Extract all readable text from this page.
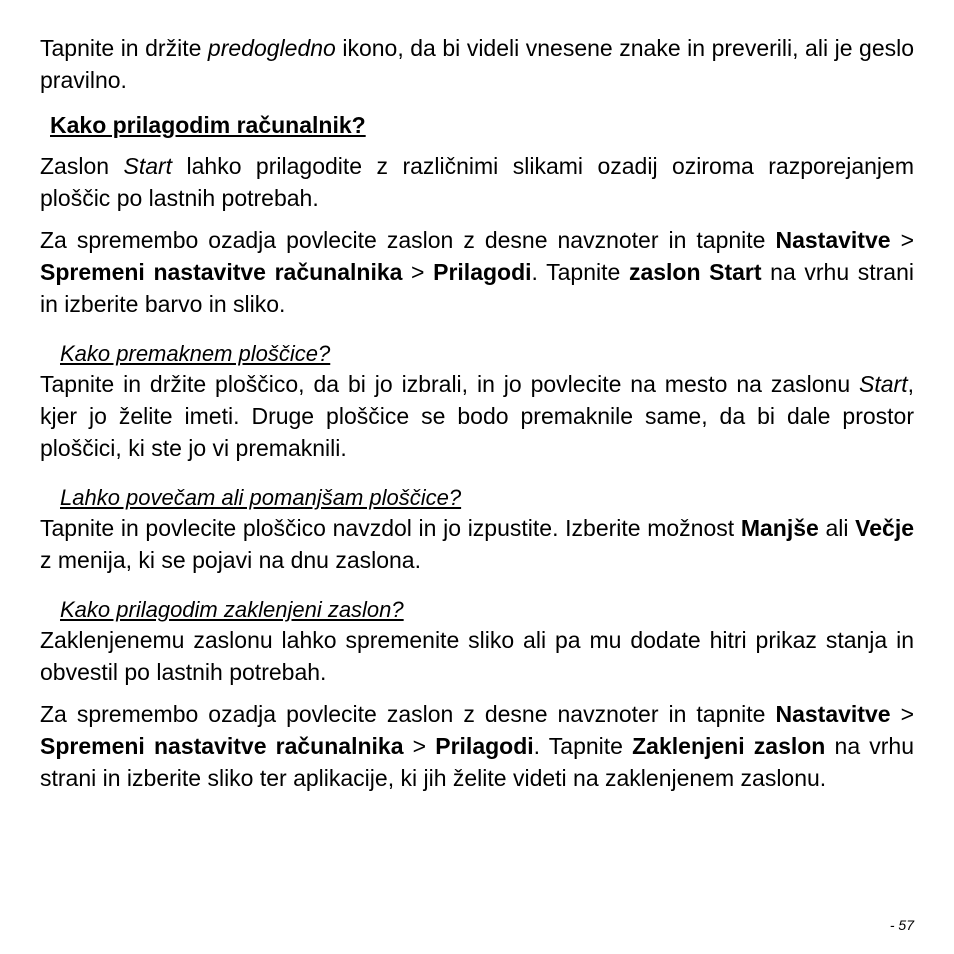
Tapnite in držite predogledno ikono, da bi videli vnesene znake in preverili, ali je geslo pravilno.

Kako prilagodim računalnik?

Zaslon Start lahko prilagodite z različnimi slikami ozadij oziroma razporejanjem ploščic po lastnih potrebah.

Za spremembo ozadja povlecite zaslon z desne navznoter in tapnite Nastavitve > Spremeni nastavitve računalnika > Prilagodi. Tapnite zaslon Start na vrhu strani in izberite barvo in sliko.

Kako premaknem ploščice?

Tapnite in držite ploščico, da bi jo izbrali, in jo povlecite na mesto na zaslonu Start, kjer jo želite imeti. Druge ploščice se bodo premaknile same, da bi dale prostor ploščici, ki ste jo vi premaknili.

Lahko povečam ali pomanjšam ploščice?

Tapnite in povlecite ploščico navzdol in jo izpustite. Izberite možnost Manjše ali Večje z menija, ki se pojavi na dnu zaslona.

Kako prilagodim zaklenjeni zaslon?

Zaklenjenemu zaslonu lahko spremenite sliko ali pa mu dodate hitri prikaz stanja in obvestil po lastnih potrebah.

Za spremembo ozadja povlecite zaslon z desne navznoter in tapnite Nastavitve > Spremeni nastavitve računalnika > Prilagodi. Tapnite Zaklenjeni zaslon na vrhu strani in izberite sliko ter aplikacije, ki jih želite videti na zaklenjenem zaslonu.

- 57
